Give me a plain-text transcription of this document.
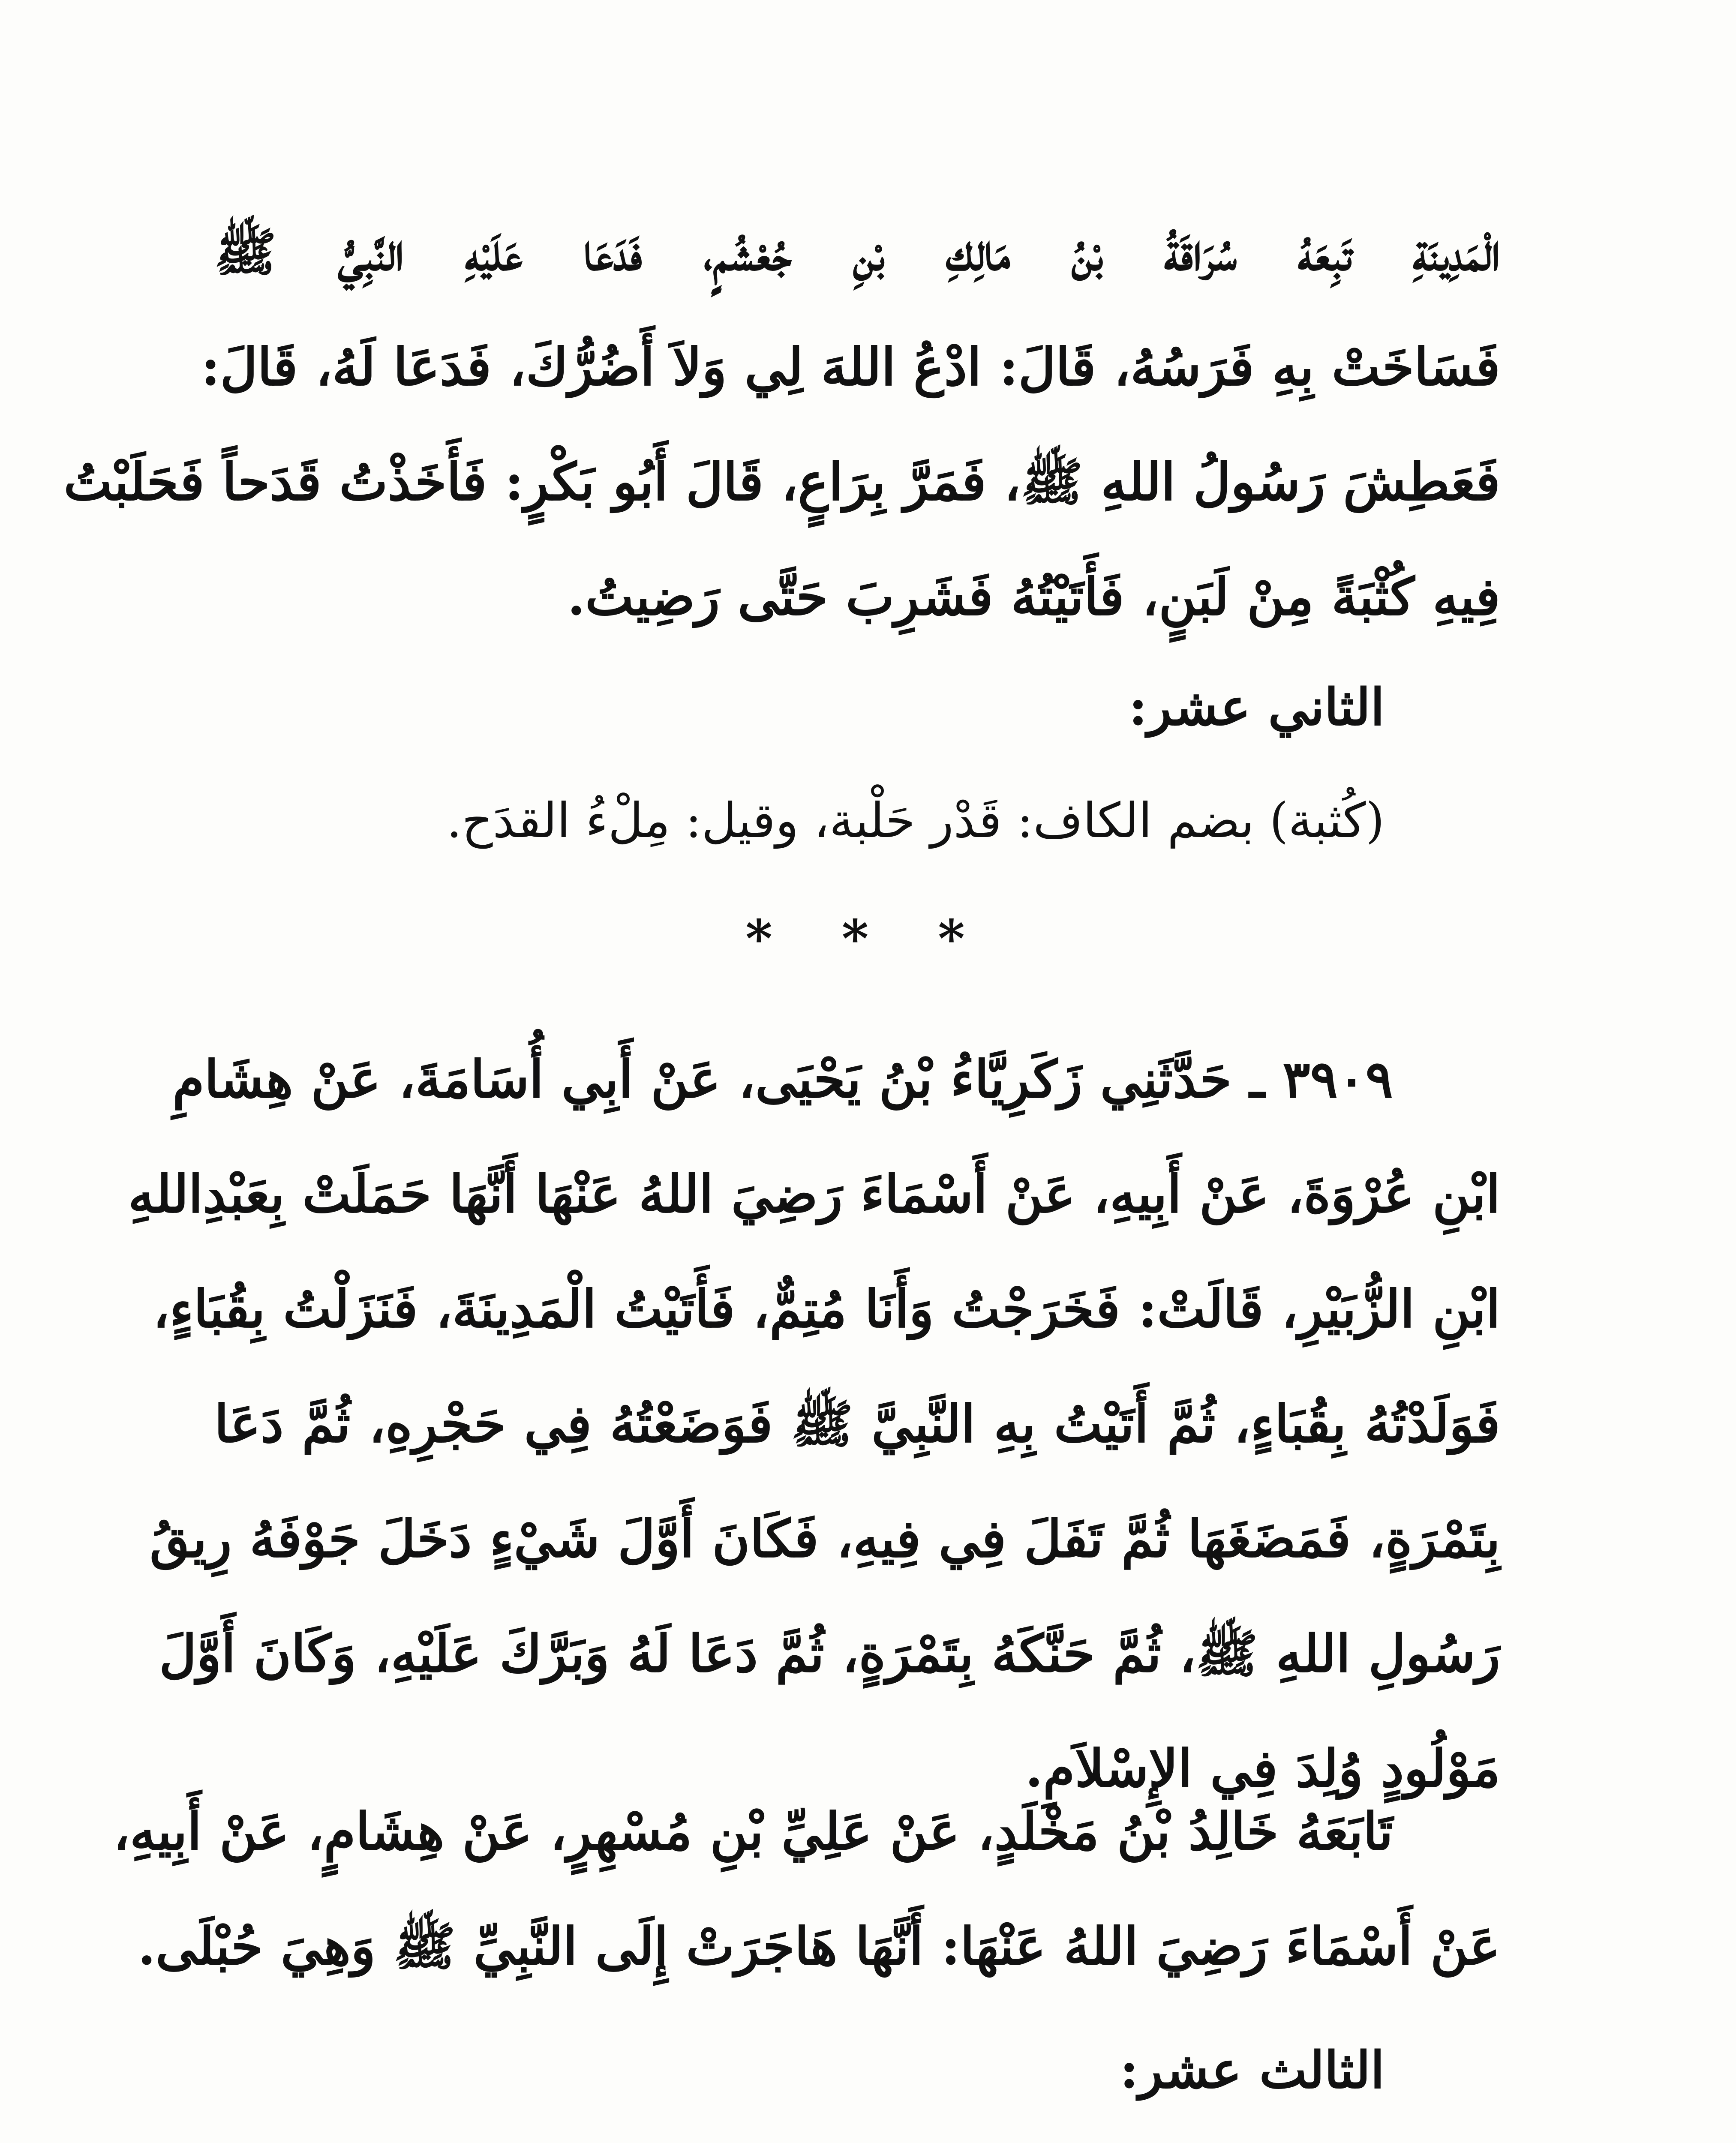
الْمَدِينَةِ تَبِعَهُ سُرَاقَةُ بْنُ مَالِكِ بْنِ جُعْشُمٍ، فَدَعَا عَلَيْهِ النَّبِيُّ ﷺ
فَسَاخَتْ بِهِ فَرَسُهُ، قَالَ: ادْعُ اللهَ لِي وَلاَ أَضُرُّكَ، فَدَعَا لَهُ، قَالَ:
فَعَطِشَ رَسُولُ اللهِ ﷺ، فَمَرَّ بِرَاعٍ، قَالَ أَبُو بَكْرٍ: فَأَخَذْتُ قَدَحاً فَحَلَبْتُ
فِيهِ كُثْبَةً مِنْ لَبَنٍ، فَأَتَيْتُهُ فَشَرِبَ حَتَّى رَضِيتُ.
الثاني عشر:
(كُثبة) بضم الكاف: قَدْر حَلْبة، وقيل: مِلْءُ القدَح.
* * *
٣٩٠٩ ـ حَدَّثَنِي زَكَرِيَّاءُ بْنُ يَحْيَى، عَنْ أَبِي أُسَامَةَ، عَنْ هِشَامِ
ابْنِ عُرْوَةَ، عَنْ أَبِيهِ، عَنْ أَسْمَاءَ رَضِيَ اللهُ عَنْهَا أَنَّهَا حَمَلَتْ بِعَبْدِاللهِ
ابْنِ الزُّبَيْرِ، قَالَتْ: فَخَرَجْتُ وَأَنَا مُتِمٌّ، فَأَتَيْتُ الْمَدِينَةَ، فَنَزَلْتُ بِقُبَاءٍ،
فَوَلَدْتُهُ بِقُبَاءٍ، ثُمَّ أَتَيْتُ بِهِ النَّبِيَّ ﷺ فَوَضَعْتُهُ فِي حَجْرِهِ، ثُمَّ دَعَا
بِتَمْرَةٍ، فَمَضَغَهَا ثُمَّ تَفَلَ فِي فِيهِ، فَكَانَ أَوَّلَ شَيْءٍ دَخَلَ جَوْفَهُ رِيقُ
رَسُولِ اللهِ ﷺ، ثُمَّ حَنَّكَهُ بِتَمْرَةٍ، ثُمَّ دَعَا لَهُ وَبَرَّكَ عَلَيْهِ، وَكَانَ أَوَّلَ
مَوْلُودٍ وُلِدَ فِي الإِسْلاَمِ.
تَابَعَهُ خَالِدُ بْنُ مَخْلَدٍ، عَنْ عَلِيِّ بْنِ مُسْهِرٍ، عَنْ هِشَامٍ، عَنْ أَبِيهِ،
عَنْ أَسْمَاءَ رَضِيَ اللهُ عَنْهَا: أَنَّهَا هَاجَرَتْ إِلَى النَّبِيِّ ﷺ وَهِيَ حُبْلَى.
الثالث عشر:
